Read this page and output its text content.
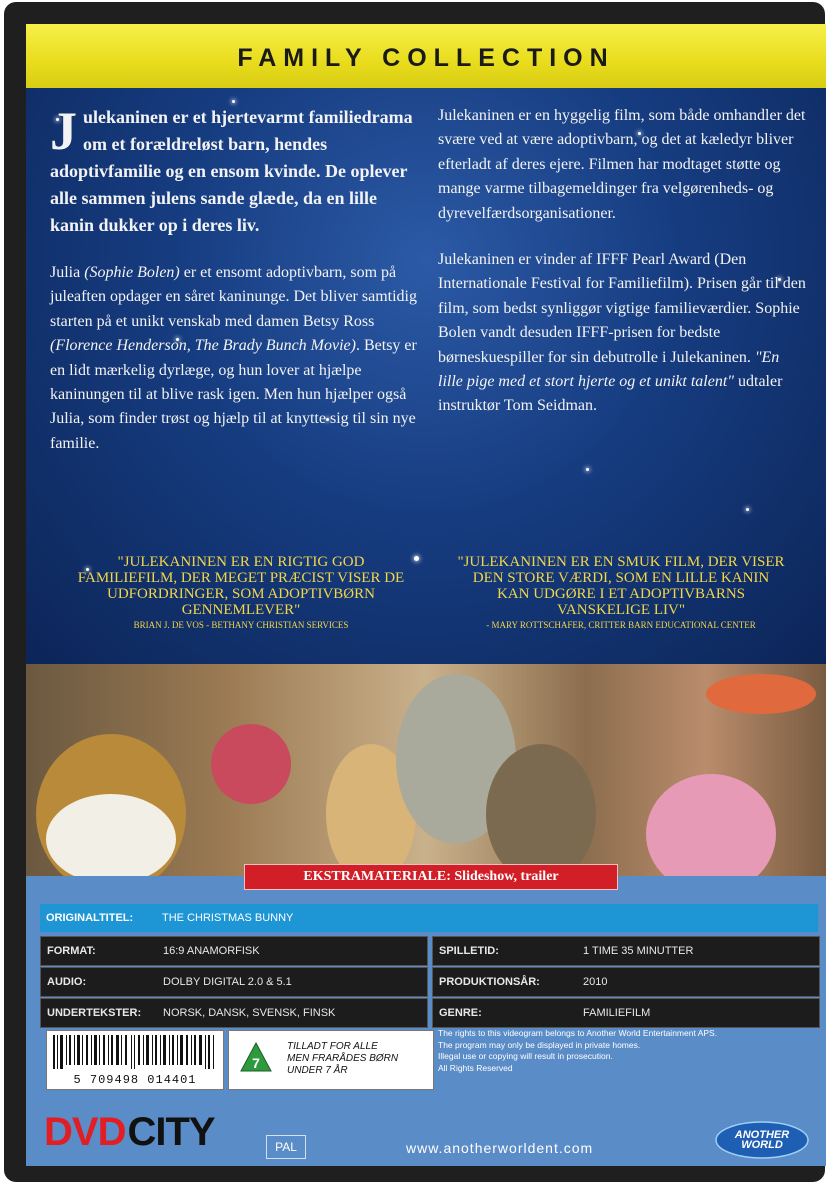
FAMILY COLLECTION
Julekaninen er et hjertevarmt familiedrama om et forældreløst barn, hendes adoptivfamilie og en ensom kvinde. De oplever alle sammen julens sande glæde, da en lille kanin dukker op i deres liv.

Julia (Sophie Bolen) er et ensomt adoptivbarn, som på juleaften opdager en såret kaninunge. Det bliver samtidig starten på et unikt venskab med damen Betsy Ross (Florence Henderson, The Brady Bunch Movie). Betsy er en lidt mærkelig dyrlæge, og hun lover at hjælpe kaninungen til at blive rask igen. Men hun hjælper også Julia, som finder trøst og hjælp til at knytte sig til sin nye familie.

Julekaninen er en hyggelig film, som både omhandler det svære ved at være adoptivbarn, og det at kæledyr bliver efterladt af deres ejere. Filmen har modtaget støtte og mange varme tilbagemeldinger fra velgørenheds- og dyrevelfærdsorganisationer.

Julekaninen er vinder af IFFF Pearl Award (Den Internationale Festival for Familiefilm). Prisen går til den film, som bedst synliggør vigtige familieværdier. Sophie Bolen vandt desuden IFFF-prisen for bedste børneskuespiller for sin debutrolle i Julekaninen. "En lille pige med et stort hjerte og et unikt talent" udtaler instruktør Tom Seidman.

"JULEKANINEN ER EN RIGTIG GOD FAMILIEFILM, DER MEGET PRÆCIST VISER DE UDFORDRINGER, SOM ADOPTIVBØRN GENNEMLEVER"
BRIAN J. DE VOS - BETHANY CHRISTIAN SERVICES
"JULEKANINEN ER EN SMUK FILM, DER VISER DEN STORE VÆRDI, SOM EN LILLE KANIN KAN UDGØRE I ET ADOPTIVBARNS VANSKELIGE LIV"
- MARY ROTTSCHAFER, CRITTER BARN EDUCATIONAL CENTER
EKSTRAMATERIALE: Slideshow, trailer
ORIGINALTITEL:	THE CHRISTMAS BUNNY
FORMAT:	16:9 ANAMORFISK	SPILLETID:	1 TIME 35 MINUTTER
AUDIO:	DOLBY DIGITAL 2.0 & 5.1	PRODUKTIONSÅR:	2010
UNDERTEKSTER: NORSK, DANSK, SVENSK, FINSK	GENRE:	FAMILIEFILM
5 709498 014401
7
TILLADT FOR ALLE
MEN FRARÅDES BØRN
UNDER 7 ÅR
The rights to this videogram belongs to Another World Entertainment APS.
The program may only be displayed in private homes.
Illegal use or copying will result in prosecution.
All Rights Reserved
DVDCITY	PAL	www.anotherworldent.com
ANOTHER
WORLD
